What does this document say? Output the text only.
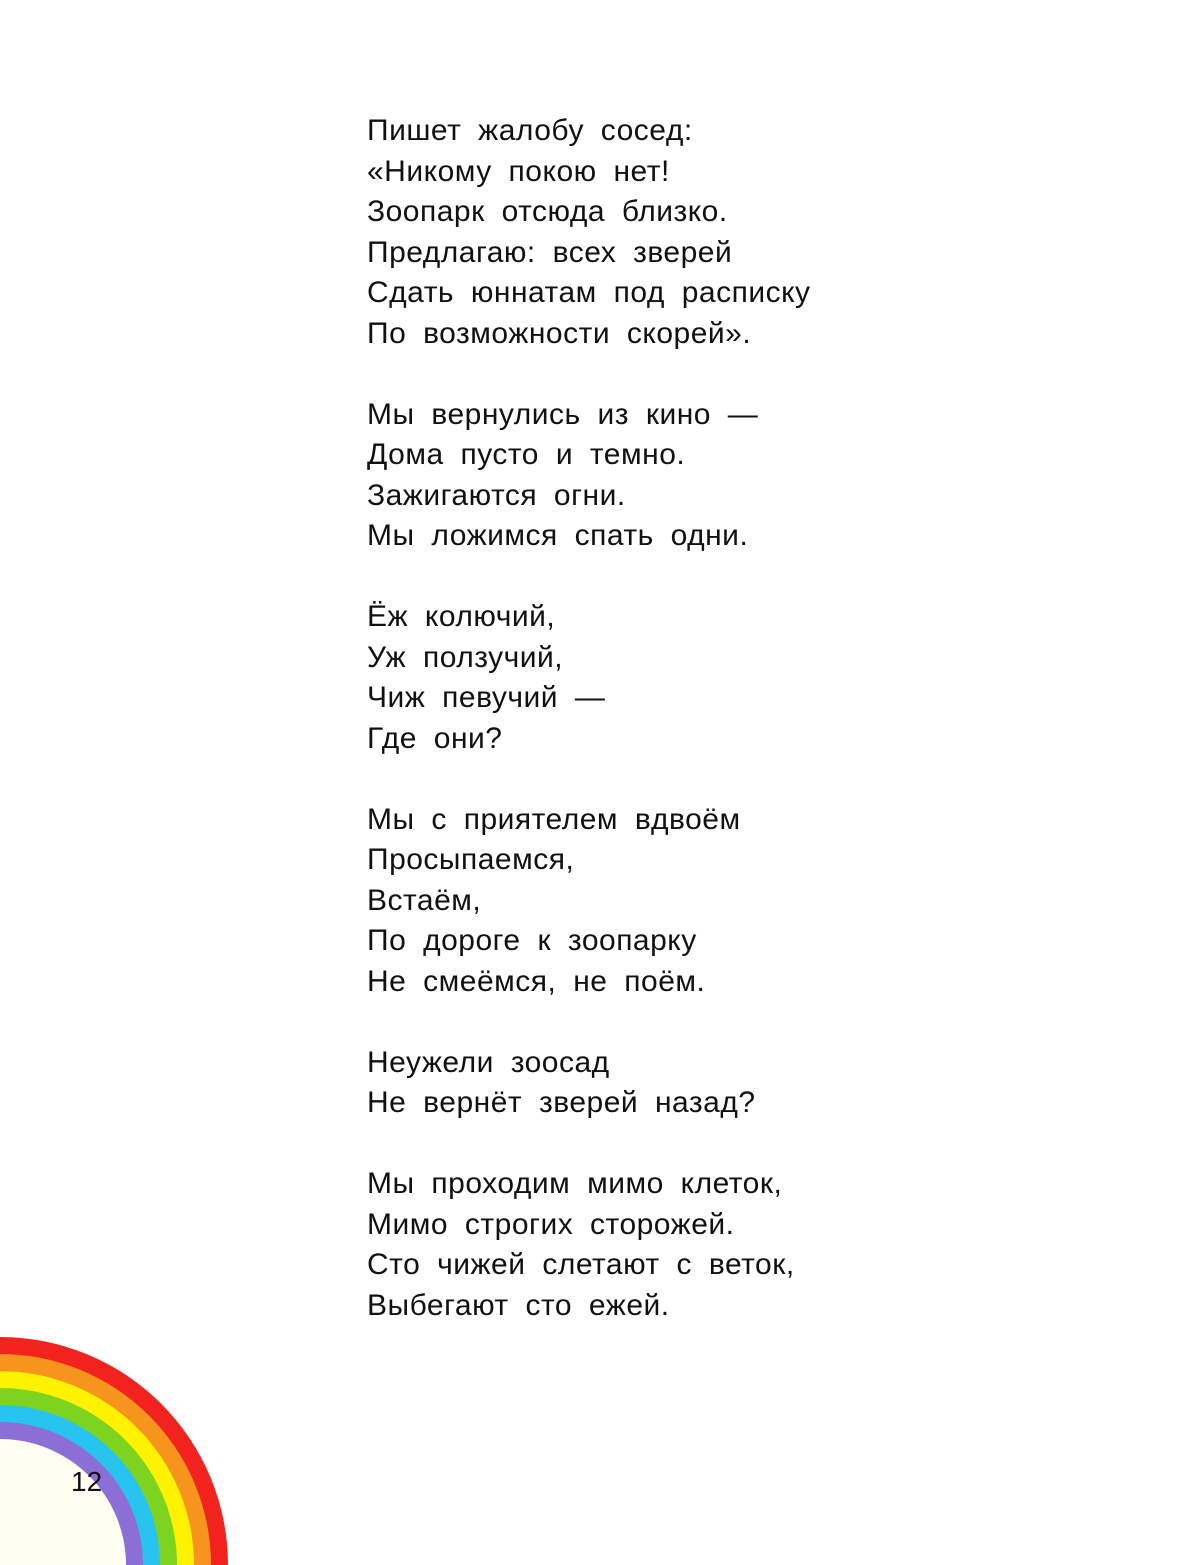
Пишет жалобу сосед:
«Никому покою нет!
Зоопарк отсюда близко.
Предлагаю: всех зверей
Сдать юннатам под расписку
По возможности скорей».
Мы вернулись из кино —
Дома пусто и темно.
Зажигаются огни.
Мы ложимся спать одни.
Ёж колючий,
Уж ползучий,
Чиж певучий —
Где они?
Мы с приятелем вдвоём
Просыпаемся,
Встаём,
По дороге к зоопарку
Не смеёмся, не поём.
Неужели зоосад
Не вернёт зверей назад?
Мы проходим мимо клеток,
Мимо строгих сторожей.
Сто чижей слетают с веток,
Выбегают сто ежей.
12
